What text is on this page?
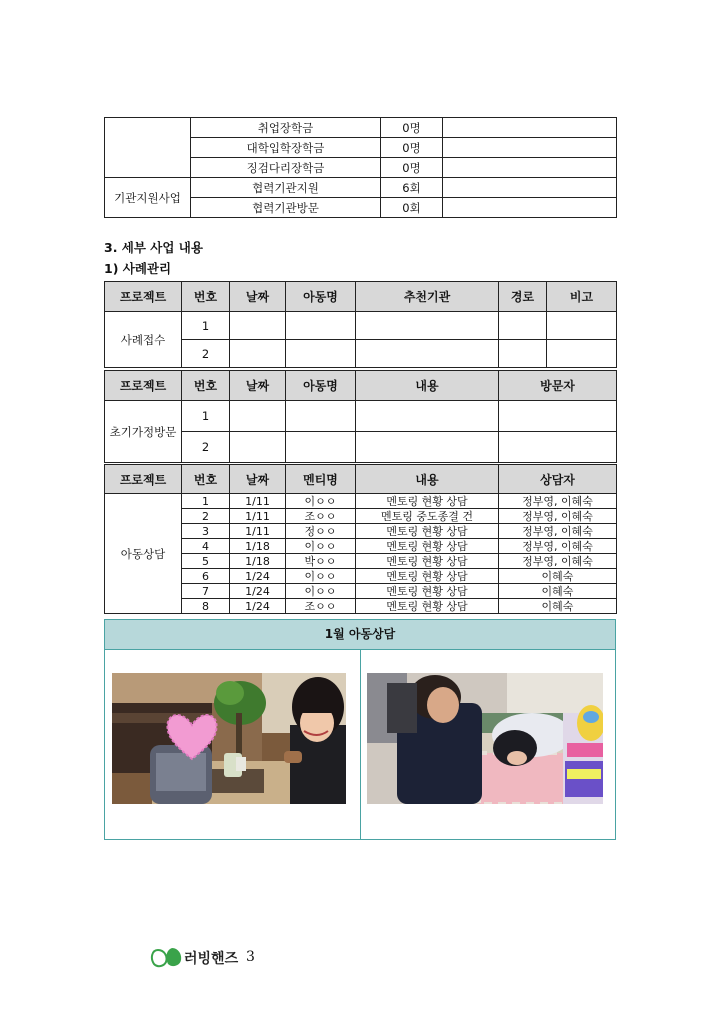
	취업장학금	0명	
	대학입학장학금	0명	
	징검다리장학금	0명	
기관지원사업	협력기관지원	6회	
	협력기관방문	0회	
3. 세부 사업 내용
1) 사례관리
프로젝트	번호	날짜	아동명	추천기관	경로	비고
사례접수	1					
	2					
프로젝트	번호	날짜	아동명	내용	방문자
초기가정방문	1				
	2				
프로젝트	번호	날짜	멘티명	내용	상담자
아동상담	1	1/11	이ㅇㅇ	멘토링 현황 상담	정부영, 이혜숙
	2	1/11	조ㅇㅇ	멘토링 중도종결 건	정부영, 이혜숙
	3	1/11	정ㅇㅇ	멘토링 현황 상담	정부영, 이혜숙
	4	1/18	이ㅇㅇ	멘토링 현황 상담	정부영, 이혜숙
	5	1/18	박ㅇㅇ	멘토링 현황 상담	정부영, 이혜숙
	6	1/24	이ㅇㅇ	멘토링 현황 상담	이혜숙
	7	1/24	이ㅇㅇ	멘토링 현황 상담	이혜숙
	8	1/24	조ㅇㅇ	멘토링 현황 상담	이혜숙
1월 아동상담
러빙핸즈 3
